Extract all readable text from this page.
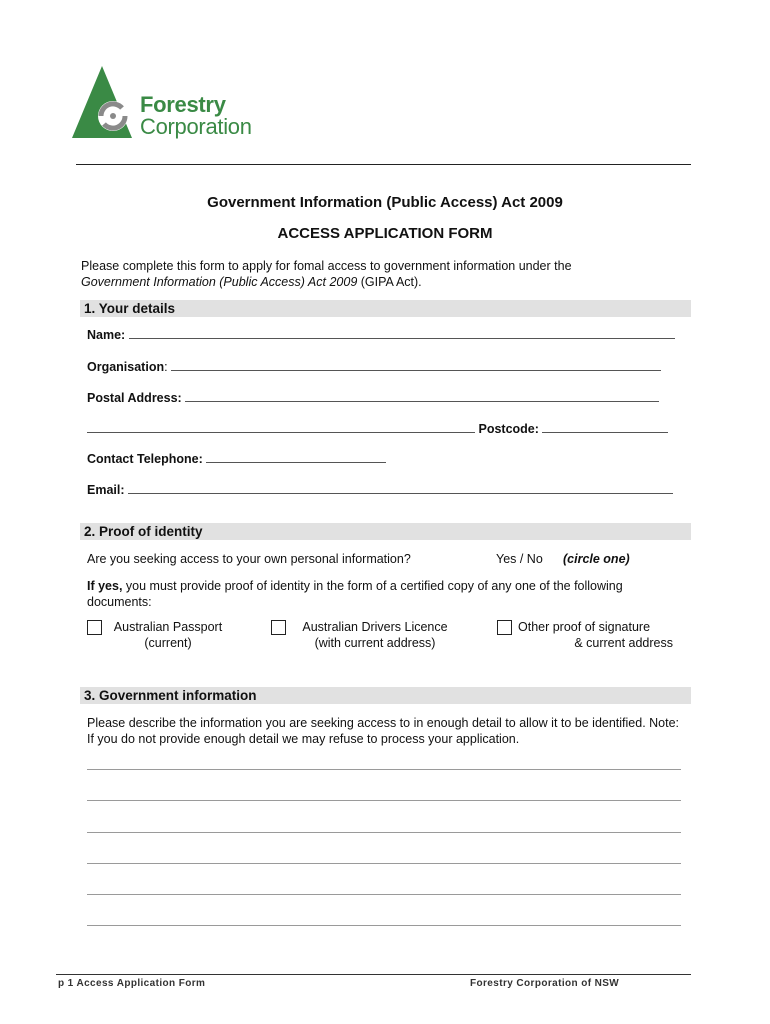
Forestry
Corporation
Government Information (Public Access) Act 2009
ACCESS APPLICATION FORM
Please complete this form to apply for fomal access to government information under the
Government Information (Public Access) Act 2009 (GIPA Act).
1. Your details
Name:
Organisation:
Postal Address:
Postcode:
Contact Telephone:
Email:
2. Proof of identity
Are you seeking access to your own personal information?	Yes / No (circle one)
If yes, you must provide proof of identity in the form of a certified copy of any one of the following documents:
Australian Passport
(current)
Australian Drivers Licence
(with current address)
Other proof of signature
& current address
3. Government information
Please describe the information you are seeking access to in enough detail to allow it to be identified. Note: If you do not provide enough detail we may refuse to process your application.
p 1 Access Application Form	Forestry Corporation of NSW
